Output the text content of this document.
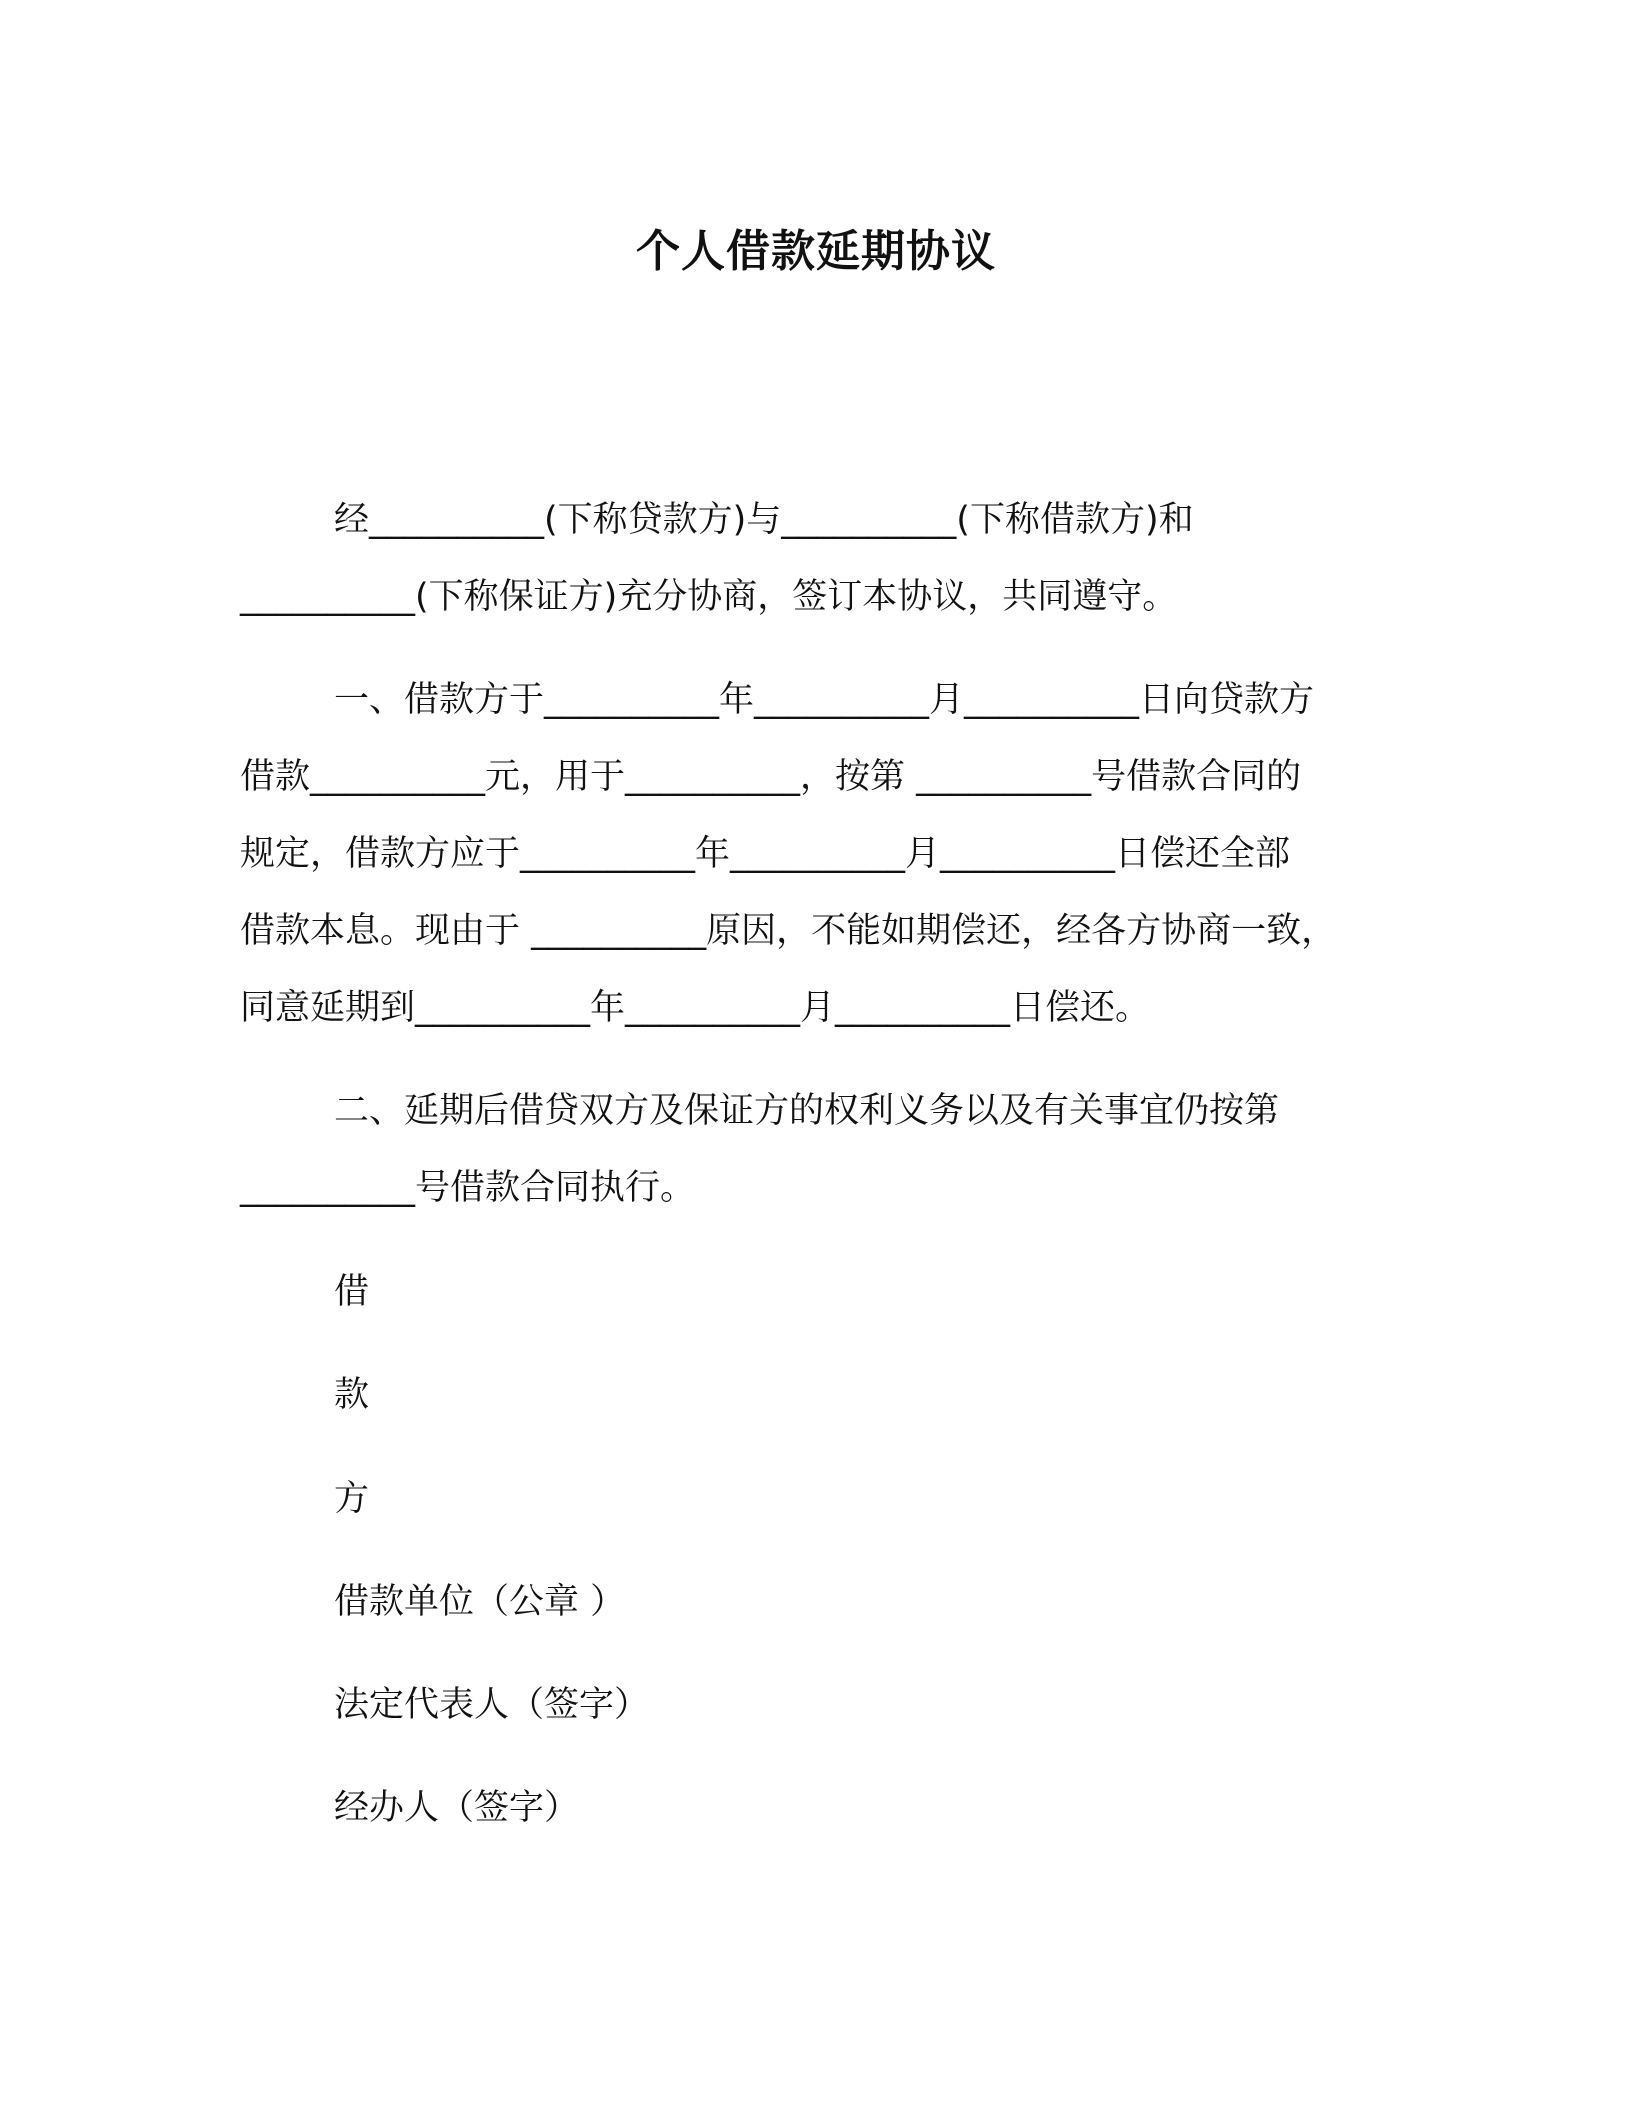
个人借款延期协议
经__________(下称贷款方)与__________(下称借款方)和
__________(下称保证方)充分协商，签订本协议，共同遵守。
一、借款方于__________年__________月__________日向贷款方
借款__________元，用于__________，按第 __________号借款合同的
规定，借款方应于__________年__________月__________日偿还全部
借款本息。现由于 __________原因，不能如期偿还，经各方协商一致，
同意延期到__________年__________月__________日偿还。
二、延期后借贷双方及保证方的权利义务以及有关事宜仍按第
__________号借款合同执行。
借
款
方
借款单位（公章 ）
法定代表人（签字）
经办人（签字）
